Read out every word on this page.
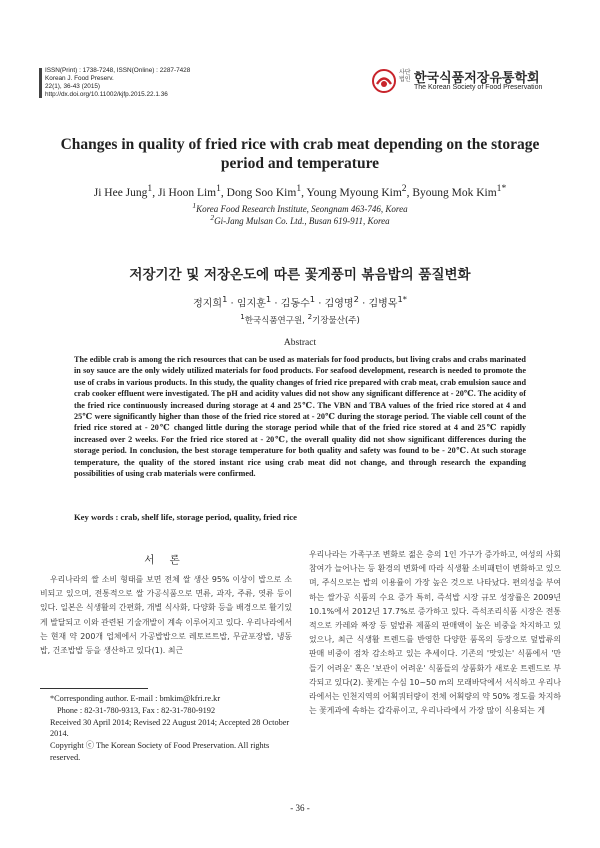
ISSN(Print) : 1738-7248, ISSN(Online) : 2287-7428
Korean J. Food Preserv.
22(1), 36-43 (2015)
http://dx.doi.org/10.11002/kjfp.2015.22.1.36
사단 법인 한국식품저장유통학회
The Korean Society of Food Preservation
Changes in quality of fried rice with crab meat depending on the storage period and temperature
Ji Hee Jung$^1$, Ji Hoon Lim$^1$, Dong Soo Kim$^1$, Young Myoung Kim$^2$, Byoung Mok Kim$^{1*}$
$^1$Korea Food Research Institute, Seongnam 463-746, Korea
$^2$Gi-Jang Mulsan Co. Ltd., Busan 619-911, Korea
저장기간 및 저장온도에 따른 꽃게풍미 볶음밥의 품질변화
정지희$^1$ · 임지훈$^1$ · 김동수$^1$ · 김영명$^2$ · 김병목$^{1*}$
$^1$한국식품연구원, $^2$기장물산(주)
Abstract

The edible crab is among the rich resources that can be used as materials for food products, but living crabs and crabs marinated in soy sauce are the only widely utilized materials for food products. For seafood development, research is needed to promote the use of crabs in various products. In this study, the quality changes of fried rice prepared with crab meat, crab emulsion sauce and crab cooker effluent were investigated. The pH and acidity values did not show any significant difference at - 20℃. The acidity of the fried rice continuously increased during storage at 4 and 25℃. The VBN and TBA values of the fried rice stored at 4 and 25℃ were significantly higher than those of the fried rice stored at - 20℃ during the storage period. The viable cell count of the fried rice stored at - 20℃ changed little during the storage period while that of the fried rice stored at 4 and 25℃ rapidly increased over 2 weeks. For the fried rice stored at - 20℃, the overall quality did not show significant differences during the storage period. In conclusion, the best storage temperature for both quality and safety was found to be - 20℃. At such storage temperature, the quality of the stored instant rice using crab meat did not change, and through research the expanding possibilities of using crab materials were confirmed.

Key words : crab, shelf life, storage period, quality, fried rice
서 론

우리나라의 쌀 소비 형태를 보면 전체 쌀 생산 95% 이상이 밥으로 소비되고 있으며, 전통적으로 쌀 가공식품으로 면류, 과자, 주류, 엿류 등이 있다. 일본은 식생활의 간편화, 개별 식사화, 다양화 등을 배경으로 활기있게 발달되고 이와 관련된 기술개발이 계속 이루어지고 있다. 우리나라에서는 현재 약 200개 업체에서 가공밥밥으로 레토르트밥, 무균포장밥, 냉동밥, 건조밥밥 등을 생산하고 있다(1). 최근

우리나라는 가족구조 변화로 젊은 층의 1인 가구가 증가하고, 여성의 사회참여가 늘어나는 등 환경의 변화에 따라 식생활 소비패턴이 변화하고 있으며, 주식으로는 밥의 이용률이 가장 높은 것으로 나타났다. 편의성을 부여하는 쌀가공 식품의 수요 증가 특히, 즉석밥 시장 규모 성장률은 2009년 10.1%에서 2012년 17.7%로 증가하고 있다. 즉석조리식품 시장은 전통적으로 카레와 짜장 등 덮밥류 제품의 판매액이 높은 비중을 차지하고 있었으나, 최근 식생활 트렌드를 반영한 다양한 품목의 등장으로 덮밥류의 판매 비중이 점차 감소하고 있는 추세이다. 기존의 '맛있는' 식품에서 '만들기 어려운' 혹은 '보관이 어려운' 식품들의 상품화가 새로운 트렌드로 부각되고 있다(2). 꽃게는 수심 10~50 m의 모래바닥에서 서식하고 우리나라에서는 인천지역의 어획쿼터량이 전체 어획량의 약 50% 정도를 차지하는 꽃게과에 속하는 갑각류이고, 우리나라에서 가장 많이 식용되는 게

*Corresponding author. E-mail : bmkim@kfri.re.kr

Phone : 82-31-780-9313, Fax : 82-31-780-9192

Received 30 April 2014; Revised 22 August 2014; Accepted 28 October 2014.

Copyright ⓒ The Korean Society of Food Preservation. All rights reserved.

- 36 -
